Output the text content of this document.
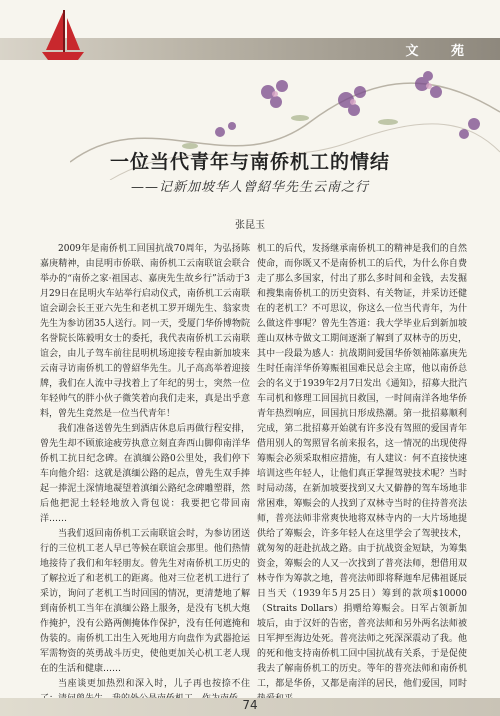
文 苑
一位当代青年与南侨机工的情结
——记新加坡华人曾紹华先生云南之行
张昆玉

2009年是南侨机工回国抗战70周年，为弘扬陈嘉庚精神，由昆明市侨联、南侨机工云南联谊会联合举办的“南侨之家·祖国志、嘉庚先生故乡行”活动于3月29日在昆明火车站举行启动仪式，南侨机工云南联谊会副会长王亚六先生和老机工罗开瑚先生、翁家贵先生为参访团35人送行。同一天，受厦门华侨博物院名誉院长陈毅明女士的委托，我代表南侨机工云南联谊会，由儿子驾车前往昆明机场迎接专程由新加坡来云南寻访南侨机工的曾紹华先生。儿子高高举着迎接牌，我们在人流中寻找着上了年纪的男士，突然一位年轻帅气的胖小伙子微笑着向我们走来，真是出乎意料，曾先生竟然是一位当代青年！

我们准备送曾先生到酒店休息后再做行程安排，曾先生却不顾旅途疲劳执意立刻直奔西山脚仰南洋华侨机工抗日纪念碑。在滇缅公路0公里处，我们停下车向他介绍：这就是滇缅公路的起点，曾先生双手捧起一捧泥土深情地凝望着滇缅公路纪念碑雕塑群，然后他把泥土轻轻地放入背包说：我要把它带回南洋……

当我们返回南侨机工云南联谊会时，为参访团送行的三位机工老人早已等候在联谊会那里。他们热情地接待了我们和年轻朋友。曾先生对南侨机工历史的了解拉近了和老机工的距离。他对三位老机工进行了采访，询问了老机工当时回国的情况，更清楚地了解到南侨机工当年在滇缅公路上服务，是没有飞机大炮作掩护，没有公路两侧掩体作保护，没有任何遮掩和伪装的。南侨机工出生入死地用方向盘作为武器抢运军需物资的英勇战斗历史，使他更加关心机工老人现在的生活和健康……

当座谈更加热烈和深入时，儿子再也按捺不住

机工的后代，发扬继承南侨机工的精神是我们的自然使命，而你既又不是南侨机工的后代，为什么你自费走了那么多国家，付出了那么多时间和金钱，去发掘和搜集南侨机工的历史资料、有关物证，并采访还健在的老机工？不可思议，你这么一位当代青年，为什么做这件事呢？曾先生答道：我大学毕业后到新加坡莲山双林寺做文工期间逐渐了解到了双林寺的历史，其中一段最为感人：抗战期间爱国华侨领袖陈嘉庚先生时任南洋华侨筹赈祖国难民总会主席，他以南侨总会的名义于1939年2月7日发出《通知》，招募大批汽车司机和修理工回国抗日救国，一时间南洋各地华侨青年热烈响应，回国抗日形成热潮。第一批招募顺利完成，第二批招募开始就有许多没有驾照的爱国青年借用别人的驾照冒名前来报名，这一情况的出现使得筹赈会必须采取相应措施，有人建议：何不直接快速培训这些年轻人，让他们真正掌握驾驶技术呢？当时时局动荡，在新加坡要找到又大又僻静的驾车场地非常困难，筹赈会的人找到了双林寺当时的住持普亮法师，普亮法师非常爽快地将双林寺内的一大片场地提供给了筹赈会，许多年轻人在这里学会了驾驶技术，就匆匆的赶赴抗战之路。由于抗战资金短缺，为筹集资金，筹赈会的人又一次找到了普亮法师，想借用双林寺作为筹款之地，普亮法师即将释迦牟尼佛祖诞辰日当天（1939年5月25日）筹到的款项$10000（Straits Dollars）捐赠给筹赈会。日军占领新加坡后，由于汉奸的告密，普亮法师和另外两名法师被日军押至海边处死。普亮法师之死深深震动了我。他的死和他支持南侨机工回中国抗战有关系，于是促使我去了解南侨机工的历史。等年的普亮法师和南侨机工，都是华侨，又都是南洋的居民，他们爱国，同时

74
